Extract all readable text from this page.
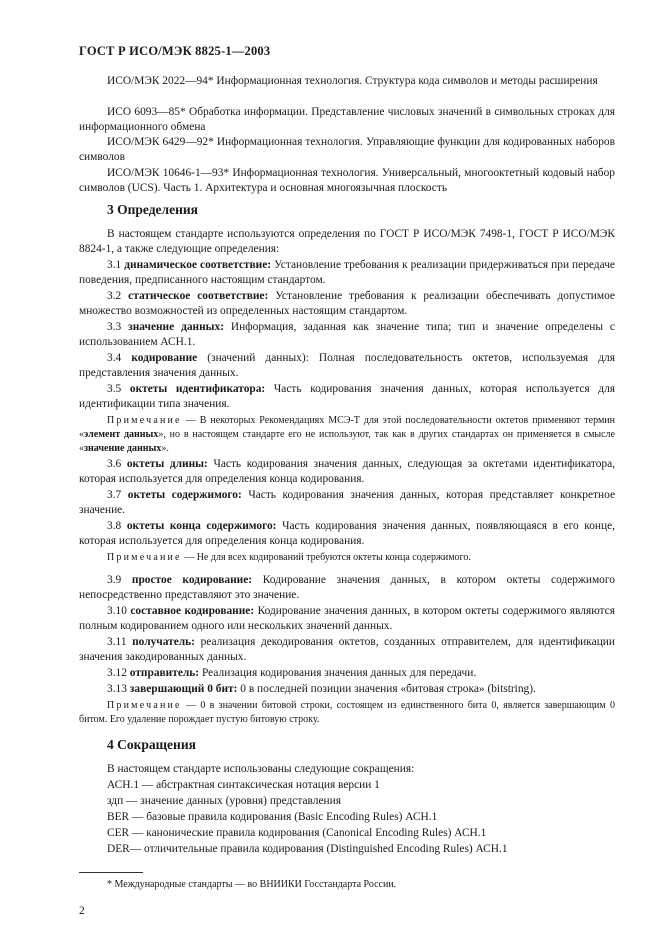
ГОСТ Р ИСО/МЭК 8825-1—2003

ИСО/МЭК 2022—94* Информационная технология. Структура кода символов и методы расширения

ИСО 6093—85* Обработка информации. Представление числовых значений в символьных строках для информационного обмена

ИСО/МЭК 6429—92* Информационная технология. Управляющие функции для кодированных наборов символов

ИСО/МЭК 10646-1—93* Информационная технология. Универсальный, многооктетный кодовый набор символов (UCS). Часть 1. Архитектура и основная многоязычная плоскость

3 Определения

В настоящем стандарте используются определения по ГОСТ Р ИСО/МЭК 7498-1, ГОСТ Р ИСО/МЭК 8824-1, а также следующие определения:

3.1 динамическое соответствие: Установление требования к реализации придерживаться при передаче поведения, предписанного настоящим стандартом.

3.2 статическое соответствие: Установление требования к реализации обеспечивать допустимое множество возможностей из определенных настоящим стандартом.

3.3 значение данных: Информация, заданная как значение типа; тип и значение определены с использованием АСН.1.

3.4 кодирование (значений данных): Полная последовательность октетов, используемая для представления значения данных.

3.5 октеты идентификатора: Часть кодирования значения данных, которая используется для идентификации типа значения.

Примечание — В некоторых Рекомендациях МСЭ-Т для этой последовательности октетов применяют термин «элемент данных», но в настоящем стандарте его не используют, так как в других стандартах он применяется в смысле «значение данных».

3.6 октеты длины: Часть кодирования значения данных, следующая за октетами идентификатора, которая используется для определения конца кодирования.

3.7 октеты содержимого: Часть кодирования значения данных, которая представляет конкретное значение.

3.8 октеты конца содержимого: Часть кодирования значения данных, появляющаяся в его конце, которая используется для определения конца кодирования.

Примечание — Не для всех кодирований требуются октеты конца содержимого.

3.9 простое кодирование: Кодирование значения данных, в котором октеты содержимого непосредственно представляют это значение.

3.10 составное кодирование: Кодирование значения данных, в котором октеты содержимого являются полным кодированием одного или нескольких значений данных.

3.11 получатель: реализация декодирования октетов, созданных отправителем, для идентификации значения закодированных данных.

3.12 отправитель: Реализация кодирования значения данных для передачи.

3.13 завершающий 0 бит: 0 в последней позиции значения «битовая строка» (bitstring).

Примечание — 0 в значении битовой строки, состоящем из единственного бита 0, является завершающим 0 битом. Его удаление порождает пустую битовую строку.

4 Сокращения

В настоящем стандарте использованы следующие сокращения:

АСН.1 — абстрактная синтаксическая нотация версии 1

здп — значение данных (уровня) представления

BER — базовые правила кодирования (Basic Encoding Rules) АСН.1

CER — канонические правила кодирования (Canonical Encoding Rules) АСН.1

DER— отличительные правила кодирования (Distinguished Encoding Rules) АСН.1

* Международные стандарты — во ВНИИКИ Госстандарта России.
2
